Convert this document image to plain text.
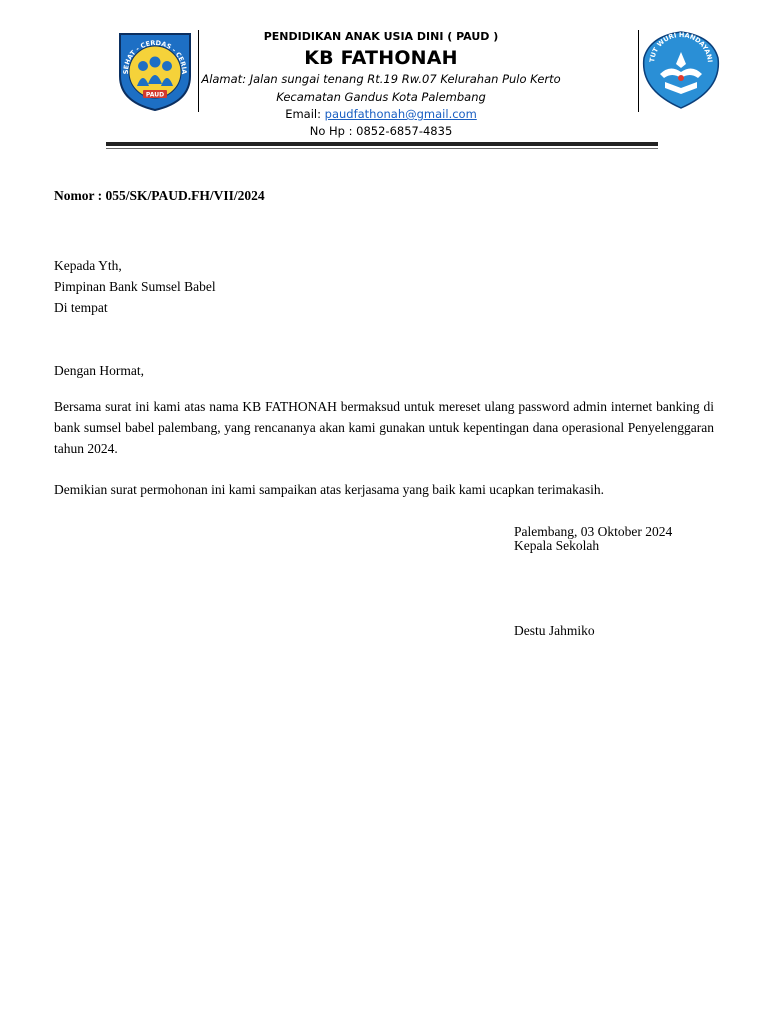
SEHAT - CERDAS - CERIA
PAUD
PENDIDIKAN ANAK USIA DINI ( PAUD )
KB FATHONAH
Alamat: Jalan sungai tenang Rt.19 Rw.07 Kelurahan Pulo Kerto
Kecamatan Gandus Kota Palembang
Email: paudfathonah@gmail.com
No Hp : 0852-6857-4835
TUT WURI HANDAYANI
Nomor : 055/SK/PAUD.FH/VII/2024
Kepada Yth,
Pimpinan Bank Sumsel Babel
Di tempat
Dengan Hormat,
Bersama surat ini kami atas nama KB FATHONAH bermaksud untuk mereset ulang password admin internet banking di bank sumsel babel palembang, yang rencananya akan kami gunakan untuk kepentingan dana operasional Penyelenggaran tahun 2024.
Demikian surat permohonan ini kami sampaikan atas kerjasama yang baik kami ucapkan terimakasih.
Palembang, 03 Oktober 2024
Kepala Sekolah
Destu Jahmiko
